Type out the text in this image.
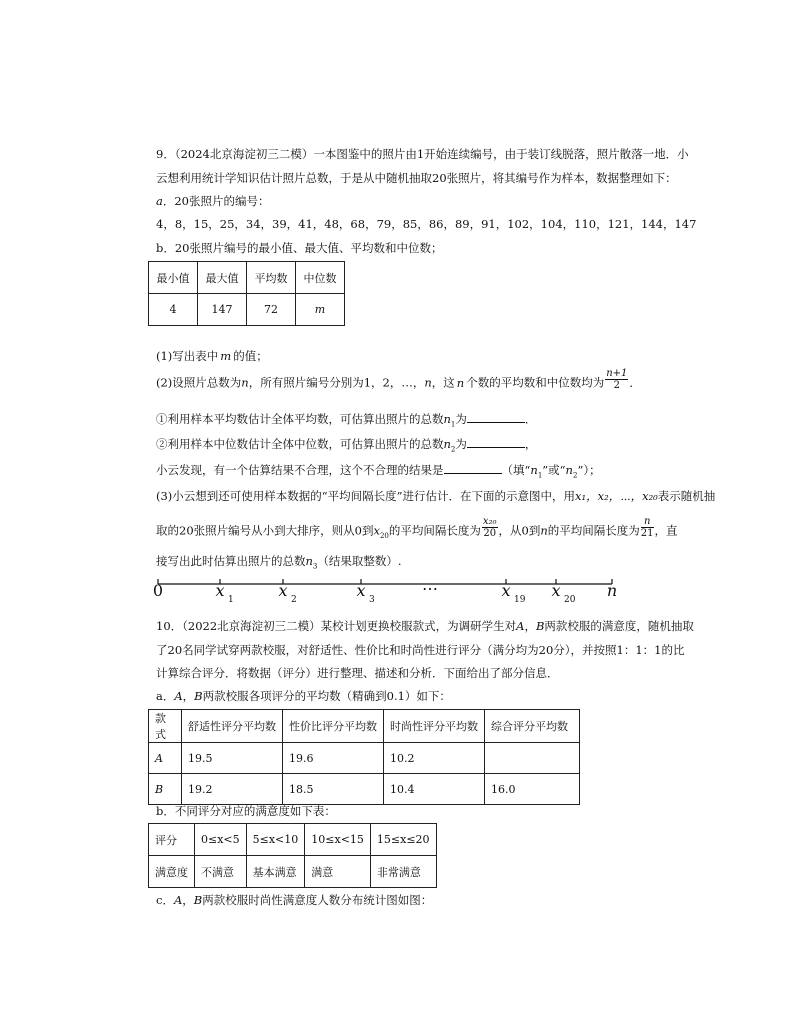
9．（2024北京海淀初三二模）一本图鉴中的照片由1开始连续编号，由于装订线脱落，照片散落一地．小
云想利用统计学知识估计照片总数，于是从中随机抽取20张照片，将其编号作为样本，数据整理如下：
a．20张照片的编号：
4，8，15，25，34，39，41，48，68，79，85，86，89，91，102，104，110，121，144，147
b．20张照片编号的最小值、最大值、平均数和中位数；
最小值	最大值	平均数	中位数
4	147	72	m
(1)写出表中 m 的值；
(2)设照片总数为n，所有照片编号分别为1，2，…，n，这 n 个数的平均数和中位数均为 $\frac{n+1}{2}$ ．
①利用样本平均数估计全体平均数，可估算出照片的总数$n_1$为	．
②利用样本中位数估计全体中位数，可估算出照片的总数$n_2$为	，
小云发现，有一个估算结果不合理，这个不合理的结果是	（填“$n_1$”或“$n_2$”）；
(3)小云想到还可使用样本数据的“平均间隔长度”进行估计．在下面的示意图中，用x₁，x₂，⋯，x₂₀表示随机抽
取的20张照片编号从小到大排序，则从0到$x_{20}$的平均间隔长度为 $\frac{\text{x₂₀}}{20}$ ，从0到n的平均间隔长度为 $\frac{n}{21}$ ，直
接写出此时估算出照片的总数$n_3$（结果取整数）.
0	x 1	x 2	x 3
⋯	x 19 x 20 n
10．（2022北京海淀初三二模）某校计划更换校服款式，为调研学生对A，B两款校服的满意度，随机抽取
了20名同学试穿两款校服，对舒适性、性价比和时尚性进行评分（满分均为20分），并按照1：1：1的比
计算综合评分．将数据（评分）进行整理、描述和分析．下面给出了部分信息．
a．A，B两款校服各项评分的平均数（精确到0.1）如下：
款式	舒适性评分平均数	性价比评分平均数	时尚性评分平均数	综合评分平均数
A	19.5	19.6	10.2	
B	19.2	18.5	10.4	16.0
b．不同评分对应的满意度如下表：
评分	0≤x<5	5≤x<10	10≤x<15	15≤x≤20
满意度	不满意	基本满意	满意	非常满意
c．A，B两款校服时尚性满意度人数分布统计图如图：
